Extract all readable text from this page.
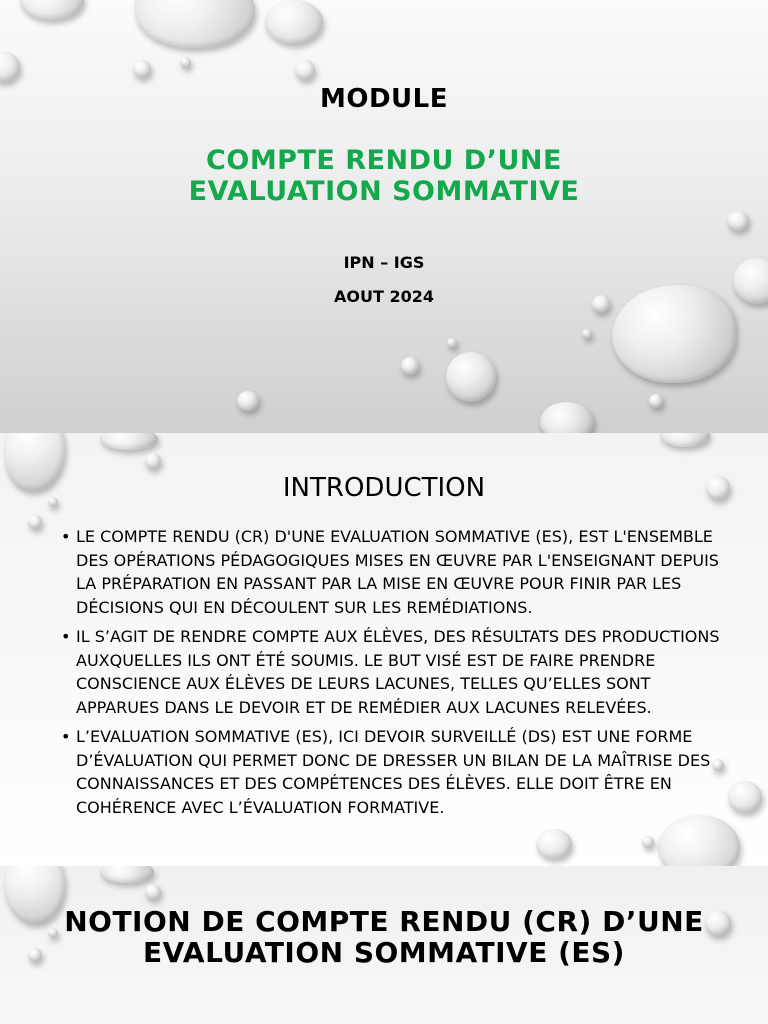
MODULE
COMPTE RENDU D’UNE
EVALUATION SOMMATIVE
IPN – IGS
AOUT 2024
INTRODUCTION
• LE COMPTE RENDU (CR) D'UNE EVALUATION SOMMATIVE (ES), EST L'ENSEMBLE DES OPÉRATIONS PÉDAGOGIQUES MISES EN ŒUVRE PAR L'ENSEIGNANT DEPUIS LA PRÉPARATION EN PASSANT PAR LA MISE EN ŒUVRE POUR FINIR PAR LES DÉCISIONS QUI EN DÉCOULENT SUR LES REMÉDIATIONS.
• IL S’AGIT DE RENDRE COMPTE AUX ÉLÈVES, DES RÉSULTATS DES PRODUCTIONS AUXQUELLES ILS ONT ÉTÉ SOUMIS. LE BUT VISÉ EST DE FAIRE PRENDRE CONSCIENCE AUX ÉLÈVES DE LEURS LACUNES, TELLES QU’ELLES SONT APPARUES DANS LE DEVOIR ET DE REMÉDIER AUX LACUNES RELEVÉES.
• L’EVALUATION SOMMATIVE (ES), ICI DEVOIR SURVEILLÉ (DS) EST UNE FORME D’ÉVALUATION QUI PERMET DONC DE DRESSER UN BILAN DE LA MAÎTRISE DES CONNAISSANCES ET DES COMPÉTENCES DES ÉLÈVES. ELLE DOIT ÊTRE EN COHÉRENCE AVEC L’ÉVALUATION FORMATIVE.
NOTION DE COMPTE RENDU (CR) D’UNE
EVALUATION SOMMATIVE (ES)
